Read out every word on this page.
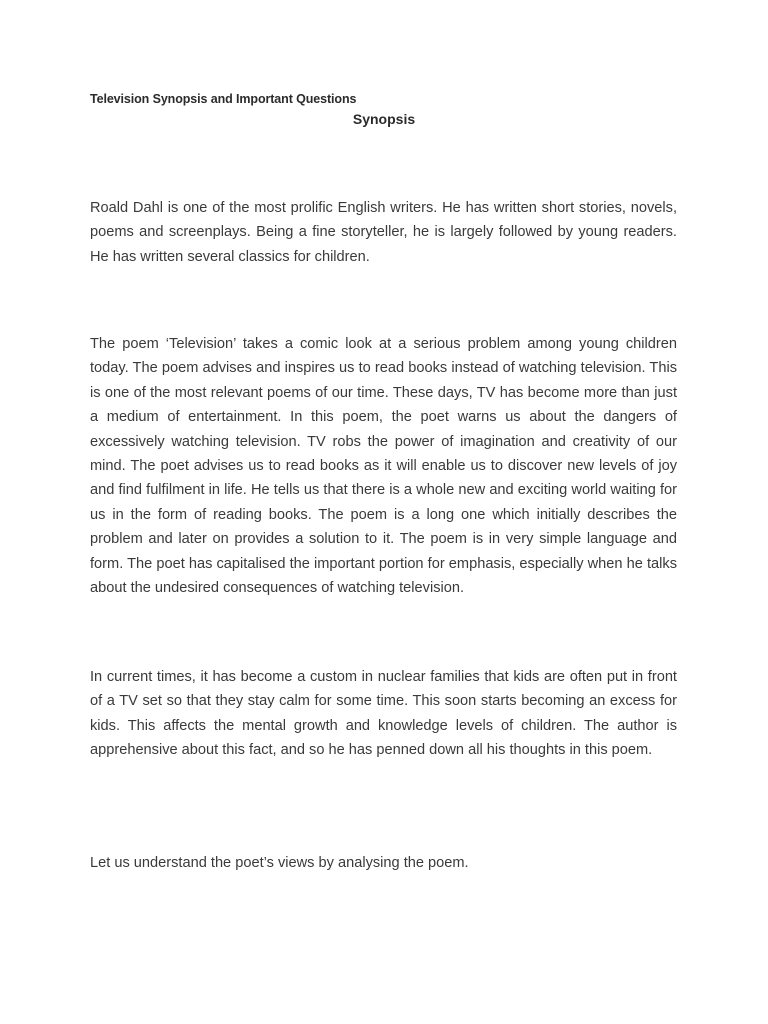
Television Synopsis and Important Questions
Synopsis

Roald Dahl is one of the most prolific English writers. He has written short stories, novels, poems and screenplays. Being a fine storyteller, he is largely followed by young readers. He has written several classics for children.

The poem ‘Television’ takes a comic look at a serious problem among young children today. The poem advises and inspires us to read books instead of watching television. This is one of the most relevant poems of our time. These days, TV has become more than just a medium of entertainment. In this poem, the poet warns us about the dangers of excessively watching television. TV robs the power of imagination and creativity of our mind. The poet advises us to read books as it will enable us to discover new levels of joy and find fulfilment in life. He tells us that there is a whole new and exciting world waiting for us in the form of reading books. The poem is a long one which initially describes the problem and later on provides a solution to it. The poem is in very simple language and form. The poet has capitalised the important portion for emphasis, especially when he talks about the undesired consequences of watching television.

In current times, it has become a custom in nuclear families that kids are often put in front of a TV set so that they stay calm for some time. This soon starts becoming an excess for kids. This affects the mental growth and knowledge levels of children. The author is apprehensive about this fact, and so he has penned down all his thoughts in this poem.

Let us understand the poet’s views by analysing the poem.
